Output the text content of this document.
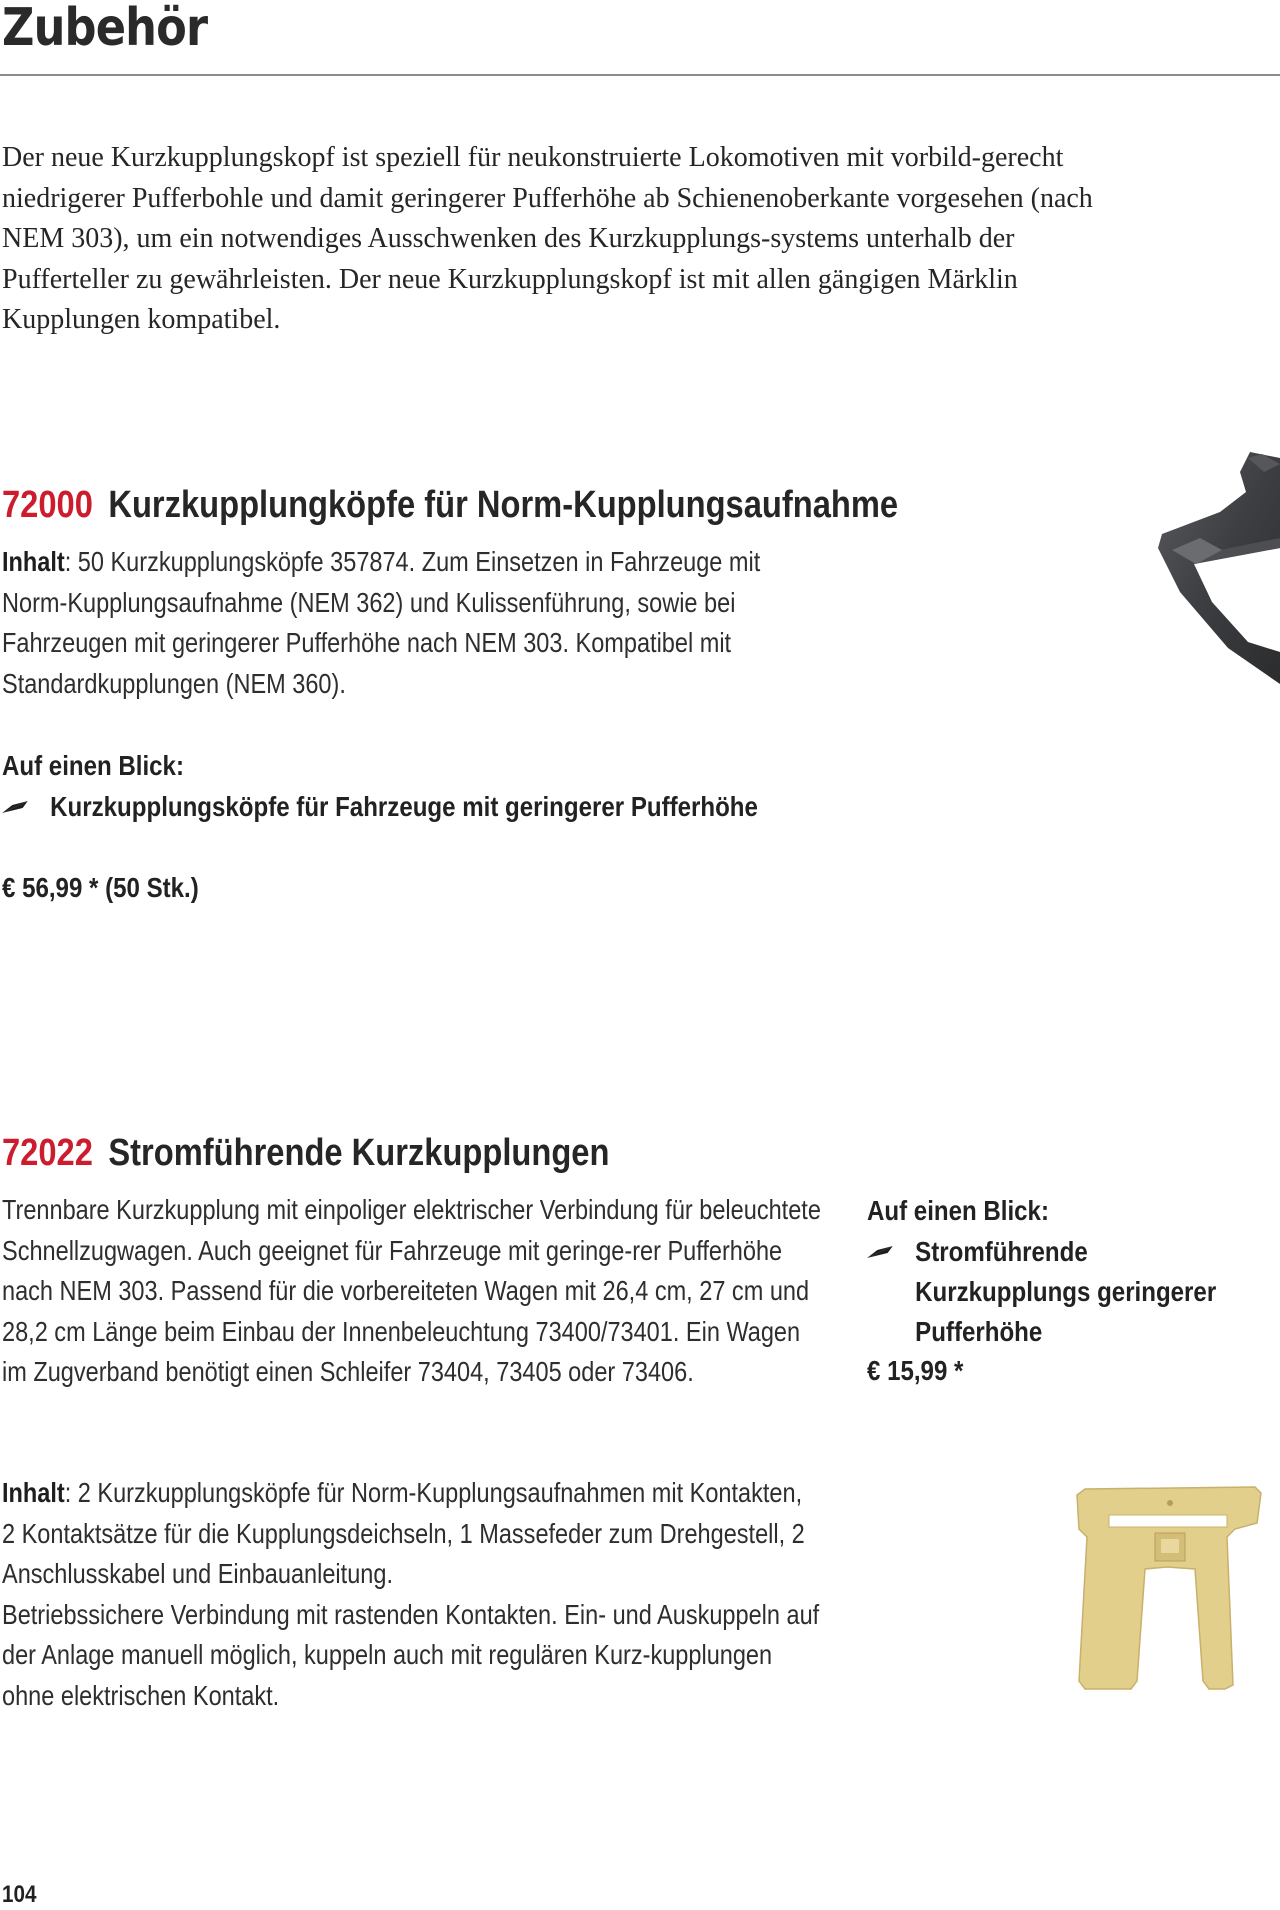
Zubehör

Der neue Kurzkupplungskopf ist speziell für neukonstruierte Lokomotiven mit vorbild-gerecht niedrigerer Pufferbohle und damit geringerer Pufferhöhe ab Schienenoberkante vorgesehen (nach NEM 303), um ein notwendiges Ausschwenken des Kurzkupplungs-systems unterhalb der Pufferteller zu gewährleisten. Der neue Kurzkupplungskopf ist mit allen gängigen Märklin Kupplungen kompatibel.

72000 Kurzkupplungköpfe für Norm-Kupplungsaufnahme

Inhalt: 50 Kurzkupplungsköpfe 357874. Zum Einsetzen in Fahrzeuge mit Norm-Kupplungsaufnahme (NEM 362) und Kulissenführung, sowie bei Fahrzeugen mit geringerer Pufferhöhe nach NEM 303. Kompatibel mit Standardkupplungen (NEM 360).

Auf einen Blick:
Kurzkupplungsköpfe für Fahrzeuge mit geringerer Pufferhöhe
€ 56,99 * (50 Stk.)
72022 Stromführende Kurzkupplungen

Trennbare Kurzkupplung mit einpoliger elektrischer Verbindung für beleuchtete Schnellzugwagen. Auch geeignet für Fahrzeuge mit geringe-rer Pufferhöhe nach NEM 303. Passend für die vorbereiteten Wagen mit 26,4 cm, 27 cm und 28,2 cm Länge beim Einbau der Innenbeleuchtung 73400/73401. Ein Wagen im Zugverband benötigt einen Schleifer 73404, 73405 oder 73406.

Inhalt: 2 Kurzkupplungsköpfe für Norm-Kupplungsaufnahmen mit Kontakten, 2 Kontaktsätze für die Kupplungsdeichseln, 1 Massefeder zum Drehgestell, 2 Anschlusskabel und Einbauanleitung.
Betriebssichere Verbindung mit rastenden Kontakten. Ein- und Auskuppeln auf der Anlage manuell möglich, kuppeln auch mit regulären Kurz-kupplungen ohne elektrischen Kontakt.

Auf einen Blick:
Stromführende Kurzkupplungs geringerer Pufferhöhe
€ 15,99 *
104
